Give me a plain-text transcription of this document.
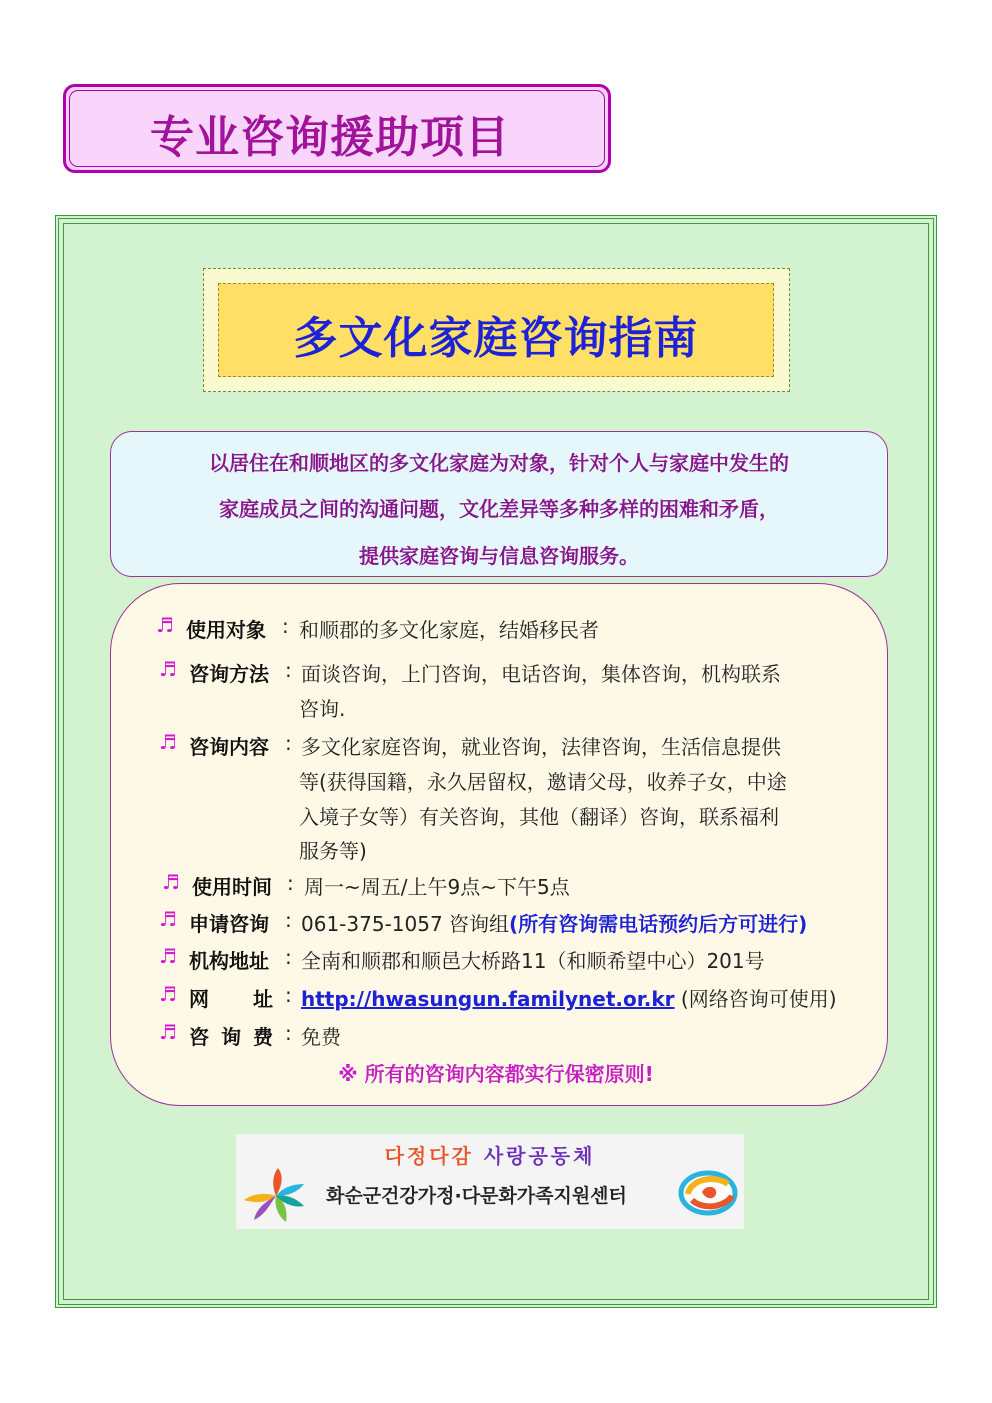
专业咨询援助项目
多文化家庭咨询指南
以居住在和顺地区的多文化家庭为对象，针对个人与家庭中发生的
家庭成员之间的沟通问题，文化差异等多种多样的困难和矛盾，
提供家庭咨询与信息咨询服务。
♬ 使用对象 : 和顺郡的多文化家庭，结婚移民者
♬ 咨询方法 : 面谈咨询，上门咨询，电话咨询，集体咨询，机构联系
咨询.
♬ 咨询内容 : 多文化家庭咨询，就业咨询，法律咨询，生活信息提供
等(获得国籍，永久居留权，邀请父母，收养子女，中途
入境子女等）有关咨询，其他（翻译）咨询，联系福利
服务等)
♬ 使用时间 : 周一~周五/上午9点~下午5点
♬ 申请咨询 : 061-375-1057 咨询组(所有咨询需电话预约后方可进行)
♬ 机构地址 : 全南和顺郡和顺邑大桥路11（和顺希望中心）201号
♬ 网 址 : http://hwasungun.familynet.or.kr (网络咨询可使用)
♬ 咨 询 费 : 免费
※ 所有的咨询内容都实行保密原则!
다정다감 사랑공동체
화순군건강가정·다문화가족지원센터
